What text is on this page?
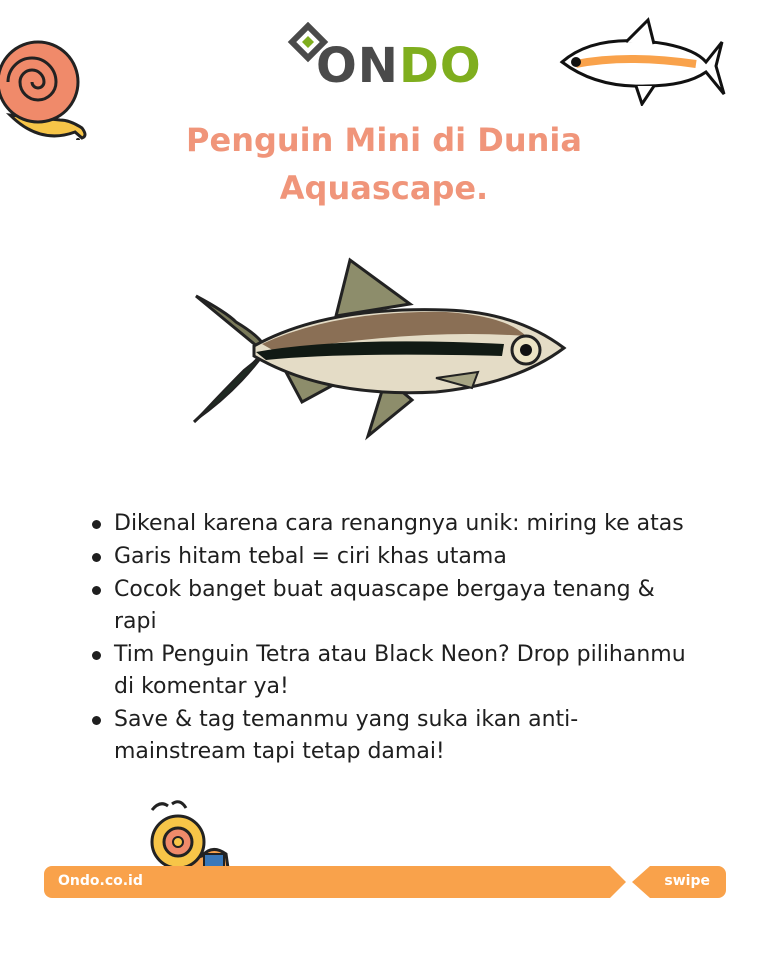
ONDO
Penguin Mini di Dunia
Aquascape.
Dikenal karena cara renangnya unik: miring ke atas
Garis hitam tebal = ciri khas utama
Cocok banget buat aquascape bergaya tenang & rapi
Tim Penguin Tetra atau Black Neon? Drop pilihanmu di komentar ya!
Save & tag temanmu yang suka ikan anti-mainstream tapi tetap damai!
Ondo.co.id	swipe
